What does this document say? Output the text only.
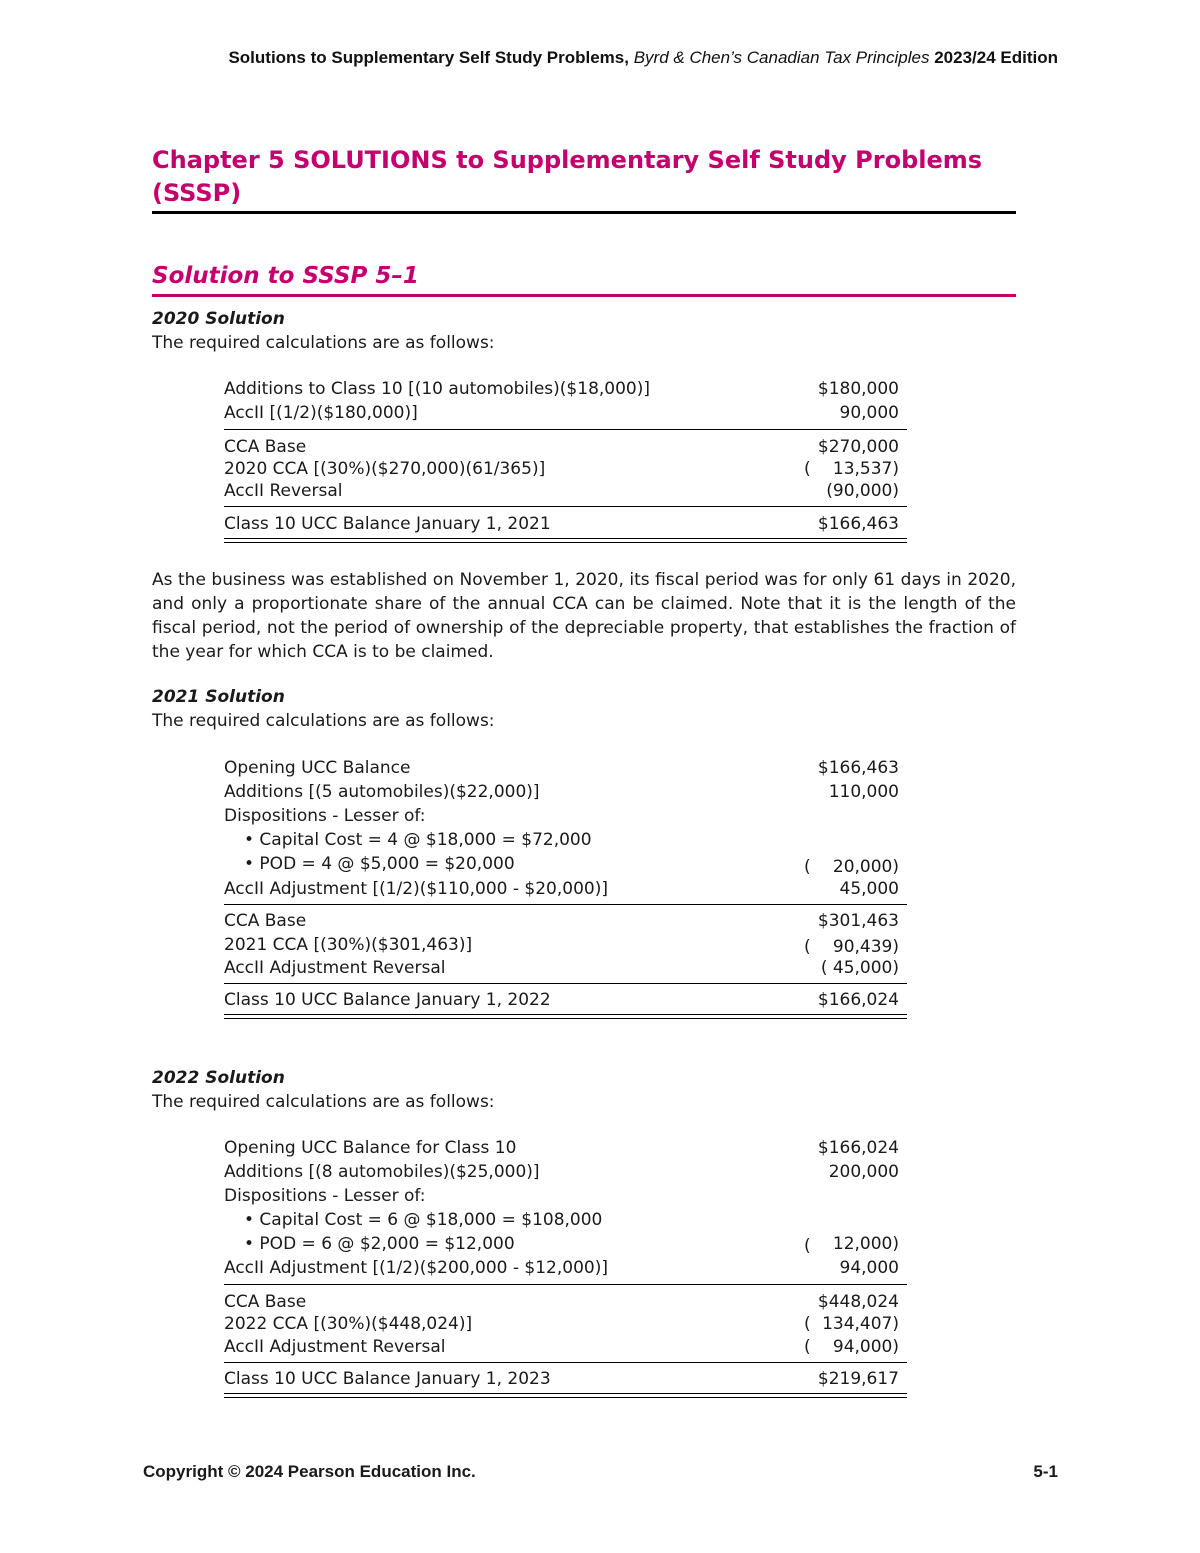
Solutions to Supplementary Self Study Problems, Byrd & Chen’s Canadian Tax Principles 2023/24 Edition
Chapter 5 SOLUTIONS to Supplementary Self Study Problems (SSSP)
Solution to SSSP 5–1
2020 Solution
The required calculations are as follows:
Additions to Class 10 [(10 automobiles)($18,000)]	$180,000
AccII [(1/2)($180,000)]	90,000
CCA Base	$270,000
2020 CCA [(30%)($270,000)(61/365)]	( 13,537)
AccII Reversal	(90,000)
Class 10 UCC Balance January 1, 2021	$166,463
As the business was established on November 1, 2020, its fiscal period was for only 61 days in 2020, and only a proportionate share of the annual CCA can be claimed. Note that it is the length of the fiscal period, not the period of ownership of the depreciable property, that establishes the fraction of the year for which CCA is to be claimed.
2021 Solution
The required calculations are as follows:
Opening UCC Balance	$166,463
Additions [(5 automobiles)($22,000)]	110,000
Dispositions - Lesser of:
• Capital Cost = 4 @ $18,000 = $72,000
• POD = 4 @ $5,000 = $20,000	( 20,000)
AccII Adjustment [(1/2)($110,000 - $20,000)]	45,000
CCA Base	$301,463
2021 CCA [(30%)($301,463)]	( 90,439)
AccII Adjustment Reversal	( 45,000)
Class 10 UCC Balance January 1, 2022	$166,024
2022 Solution
The required calculations are as follows:
Opening UCC Balance for Class 10	$166,024
Additions [(8 automobiles)($25,000)]	200,000
Dispositions - Lesser of:
• Capital Cost = 6 @ $18,000 = $108,000
• POD = 6 @ $2,000 = $12,000	( 12,000)
AccII Adjustment [(1/2)($200,000 - $12,000)]	94,000
CCA Base	$448,024
2022 CCA [(30%)($448,024)]	( 134,407)
AccII Adjustment Reversal	( 94,000)
Class 10 UCC Balance January 1, 2023	$219,617
Copyright © 2024 Pearson Education Inc.	5-1
